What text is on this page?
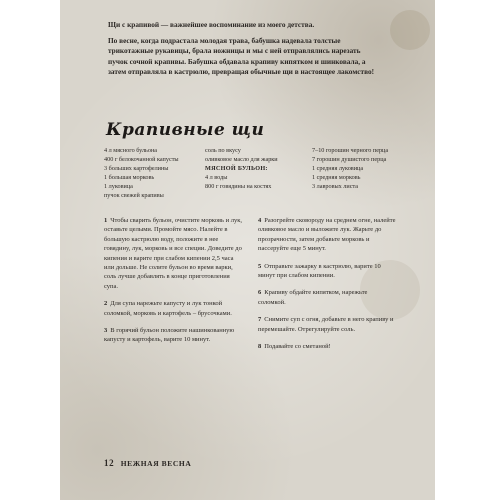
Щи с крапивой — важнейшее воспоминание из моего детства.

По весне, когда подрастала молодая трава, бабушка надевала толстые трикотажные рукавицы, брала ножницы и мы с ней отправлялись нарезать пучок сочной крапивы. Бабушка обдавала крапиву кипятком и шинковала, а затем отправляла в кастрюлю, превращая обычные щи в настоящее лакомство!

Крапивные щи
4 л мясного бульона
400 г белокочанной капусты
3 больших картофелины
1 большая морковь
1 луковица
пучок свежей крапивы
соль по вкусу
оливковое масло для жарки
МЯСНОЙ БУЛЬОН:
4 л воды
800 г говядины на костях
7–10 горошин черного перца
7 горошин душистого перца
1 средняя луковица
1 средняя морковь
3 лавровых листа
1 Чтобы сварить бульон, очистите морковь и лук, оставьте целыми. Промойте мясо. Налейте в большую кастрюлю воду, положите в нее говядину, лук, морковь и все специи. Доведите до кипения и варите при слабом кипении 2,5 часа или дольше. Не солите бульон во время варки, соль лучше добавлять в конце приготовления супа.
2 Для супа нарежьте капусту и лук тонкой соломкой, морковь и картофель – брусочками.
3 В горячий бульон положите нашинкованную капусту и картофель, варите 10 минут.
4 Разогрейте сковороду на среднем огне, налейте оливковое масло и выложите лук. Жарьте до прозрачности, затем добавьте морковь и пассеруйте еще 5 минут.
5 Отправьте зажарку в кастрюлю, варите 10 минут при слабом кипении.
6 Крапиву обдайте кипятком, нарежьте соломкой.
7 Снимите суп с огня, добавьте в него крапиву и перемешайте. Отрегулируйте соль.
8 Подавайте со сметаной!
12 НЕЖНАЯ ВЕСНА
